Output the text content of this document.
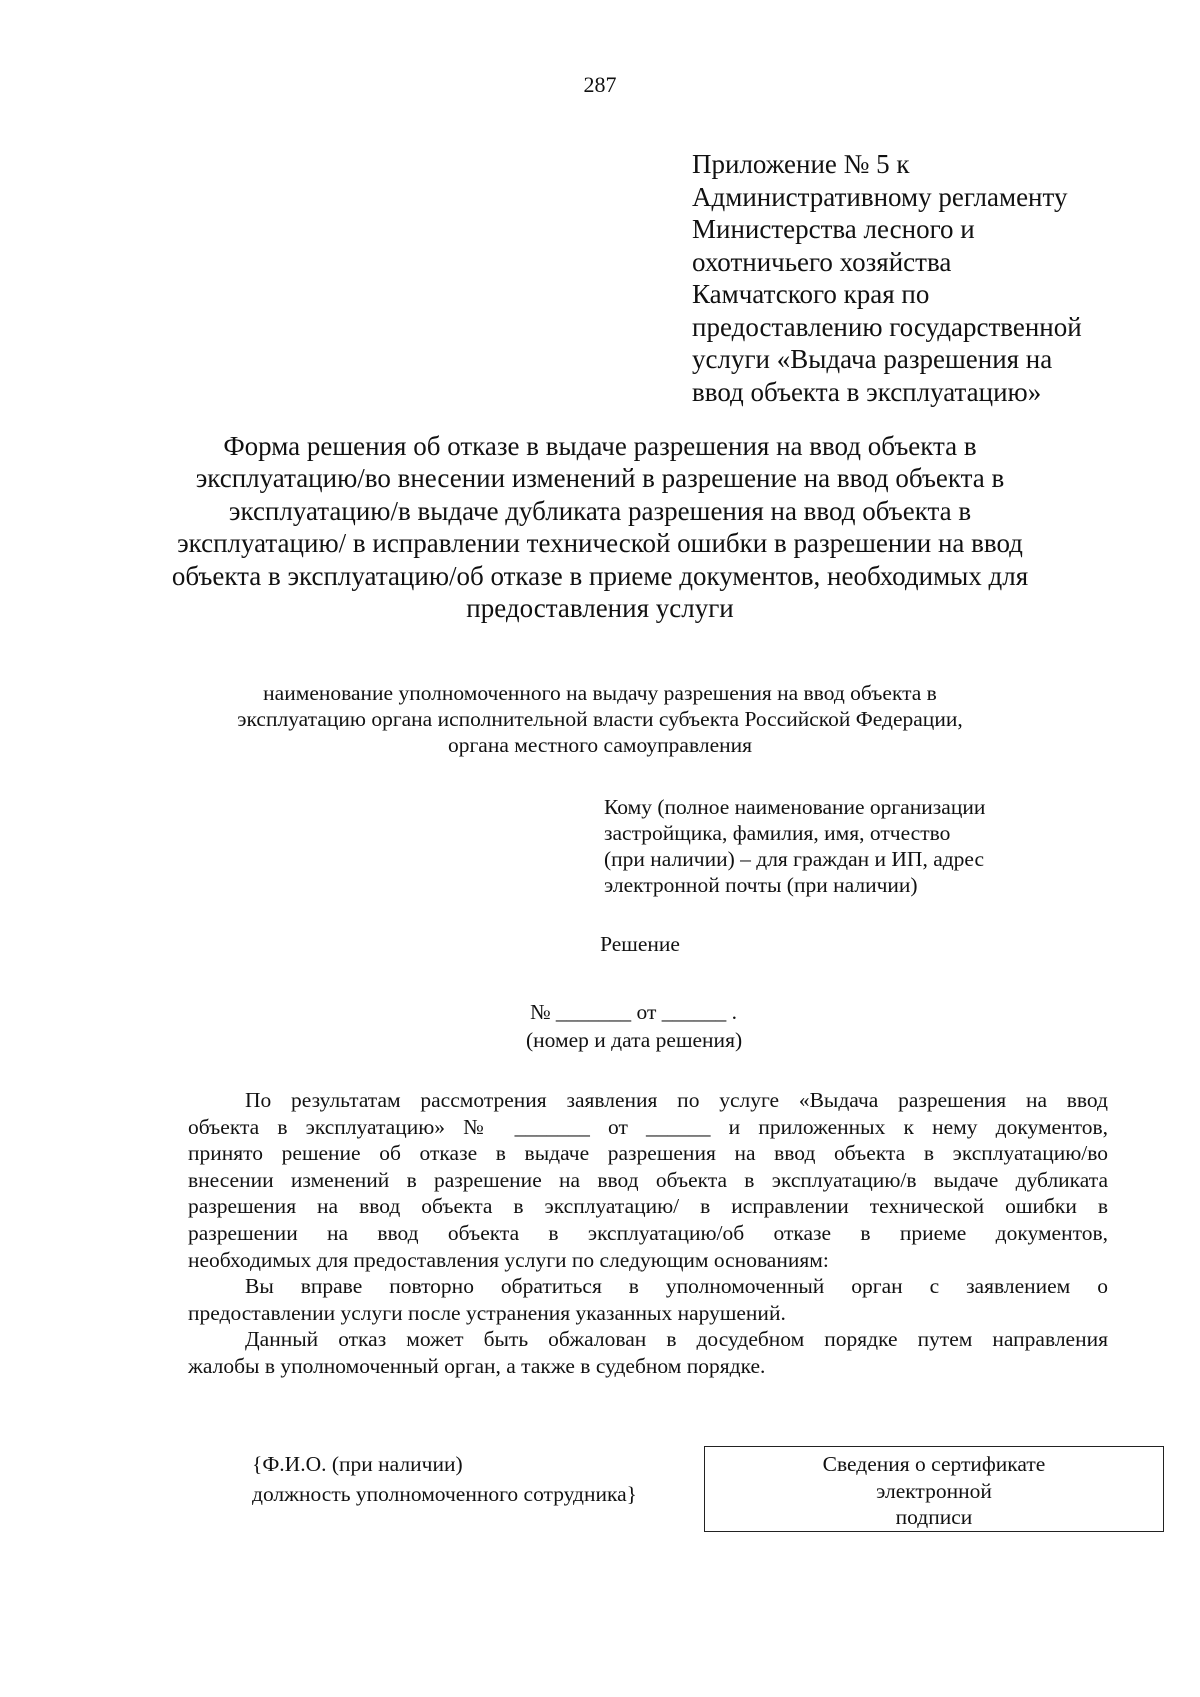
287
Приложение № 5 к
Административному регламенту
Министерства лесного и
охотничьего хозяйства
Камчатского края по
предоставлению государственной
услуги «Выдача разрешения на
ввод объекта в эксплуатацию»
Форма решения об отказе в выдаче разрешения на ввод объекта в
эксплуатацию/во внесении изменений в разрешение на ввод объекта в
эксплуатацию/в выдаче дубликата разрешения на ввод объекта в
эксплуатацию/ в исправлении технической ошибки в разрешении на ввод
объекта в эксплуатацию/об отказе в приеме документов, необходимых для
предоставления услуги
наименование уполномоченного на выдачу разрешения на ввод объекта в
эксплуатацию органа исполнительной власти субъекта Российской Федерации,
органа местного самоуправления
Кому (полное наименование организации
застройщика, фамилия, имя, отчество
(при наличии) – для граждан и ИП, адрес
электронной почты (при наличии)
Решение
№ _______ от ______ .
(номер и дата решения)

По результатам рассмотрения заявления по услуге «Выдача разрешения на ввод
объекта в эксплуатацию» № _______ от ______ и приложенных к нему документов,
принято решение об отказе в выдаче разрешения на ввод объекта в эксплуатацию/во
внесении изменений в разрешение на ввод объекта в эксплуатацию/в выдаче дубликата
разрешения на ввод объекта в эксплуатацию/ в исправлении технической ошибки в
разрешении на ввод объекта в эксплуатацию/об отказе в приеме документов,
необходимых для предоставления услуги по следующим основаниям:

Вы вправе повторно обратиться в уполномоченный орган с заявлением о
предоставлении услуги после устранения указанных нарушений.

Данный отказ может быть обжалован в досудебном порядке путем направления
жалобы в уполномоченный орган, а также в судебном порядке.

{Ф.И.О. (при наличии)
должность уполномоченного сотрудника}
Сведения о сертификате
электронной
подписи
